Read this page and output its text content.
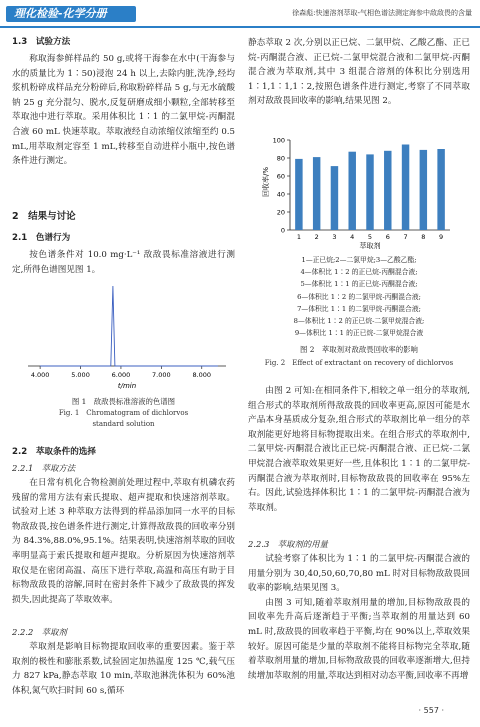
理化检验-化学分册	徐森彪:快速溶剂萃取-气相色谱法测定海参中敌敌畏的含量
1.3　试验方法

称取海参鲜样品约 50 g,或将干海参在水中(干海参与水的质量比为 1∶50)浸泡 24 h 以上,去除内脏,洗净,经均浆机粉碎成样品充分粉碎后,称取粉碎样品 5 g,与无水硫酸钠 25 g 充分混匀、脱水,反复研磨成细小颗粒,全部转移至萃取池中进行萃取。采用体积比 1∶1 的二氯甲烷-丙酮混合液 60 mL 快速萃取。萃取液经自动浓缩仪浓缩至约 0.5 mL,用萃取剂定容至 1 mL,转移至自动进样小瓶中,按色谱条件进行测定。

2　结果与讨论
2.1　色谱行为

按色谱条件对 10.0 mg·L⁻¹ 敌敌畏标准溶液进行测定,所得色谱图见图 1。

4.000	5.000	6.000	7.000	8.000
t/min
图 1　敌敌畏标准溶液的色谱图
Fig. 1　Chromatogram of dichlorvos
standard solution
2.2　萃取条件的选择
2.2.1　萃取方法

在日常有机化合物检测前处理过程中,萃取有机磷农药残留的常用方法有索氏提取、超声提取和快速溶剂萃取。试验对上述 3 种萃取方法得到的样品添加同一水平的目标物敌敌畏,按色谱条件进行测定,计算得敌敌畏的回收率分别为 84.3%,88.0%,95.1%。结果表明,快速溶剂萃取的回收率明显高于索氏提取和超声提取。分析原因为快速溶剂萃取仪是在密闭高温、高压下进行萃取,高温和高压有助于目标物敌敌畏的溶解,同时在密封条件下减少了敌敌畏的挥发损失,因此提高了萃取效率。

2.2.2　萃取剂

萃取剂是影响目标物提取回收率的重要因素。鉴于萃取剂的极性和膨胀系数,试验固定加热温度 125 ℃,载气压力 827 kPa,静态萃取 10 min,萃取池淋洗体积为 60%池体积,氮气吹扫时间 60 s,循环

静态萃取 2 次,分别以正已烷、二氯甲烷、乙酸乙酯、正已烷-丙酮混合液、正已烷-二氯甲烷混合液和二氯甲烷-丙酮混合液为萃取剂,其中 3 组混合溶剂的体积比分别选用 1∶1,1∶1,1∶2,按照色谱条件进行测定,考察了不同萃取剂对敌敌畏回收率的影响,结果见图 2。

回收率/%
0
20
40
60
80
100
1 2 3 4 5 6 7 8 9
萃取剂
1—正已烷;2—二氯甲烷;3—乙酸乙酯;
4—体积比 1∶2 的正已烷-丙酮混合液;
5—体积比 1∶1 的正已烷-丙酮混合液;
6—体积比 1∶2 的二氯甲烷-丙酮混合液;
7—体积比 1∶1 的二氯甲烷-丙酮混合液;
8—体积比 1∶2 的正已烷-二氯甲烷混合液;
9—体积比 1∶1 的正已烷-二氯甲烷混合液
图 2　萃取剂对敌敌畏回收率的影响
Fig. 2　Effect of extractant on recovery of dichlorvos

由图 2 可知:在相同条件下,相较之单一组分的萃取剂,组合形式的萃取剂所得敌敌畏的回收率更高,原因可能是水产品本身基质成分复杂,组合形式的萃取剂比单一组分的萃取剂能更好地将目标物提取出来。在组合形式的萃取剂中,二氯甲烷-丙酮混合液比正已烷-丙酮混合液、正已烷-二氯甲烷混合液萃取效果更好一些,且体积比 1∶1 的二氯甲烷-丙酮混合液为萃取剂时,目标物敌敌畏的回收率在 95%左右。因此,试验选择体积比 1∶1 的二氯甲烷-丙酮混合液为萃取剂。

2.2.3　萃取剂的用量

试验考察了体积比为 1∶1 的二氯甲烷-丙酮混合液的用量分别为 30,40,50,60,70,80 mL 时对目标物敌敌畏回收率的影响,结果见图 3。

由图 3 可知,随着萃取剂用量的增加,目标物敌敌畏的回收率先升高后逐渐趋于平衡;当萃取剂的用量达到 60 mL 时,敌敌畏的回收率趋于平衡,均在 90%以上,萃取效果较好。原因可能是少量的萃取剂不能将目标物完全萃取,随着萃取剂用量的增加,目标物敌敌畏的回收率逐渐增大,但持续增加萃取剂的用量,萃取达到相对动态平衡,回收率不再增

· 557 ·
